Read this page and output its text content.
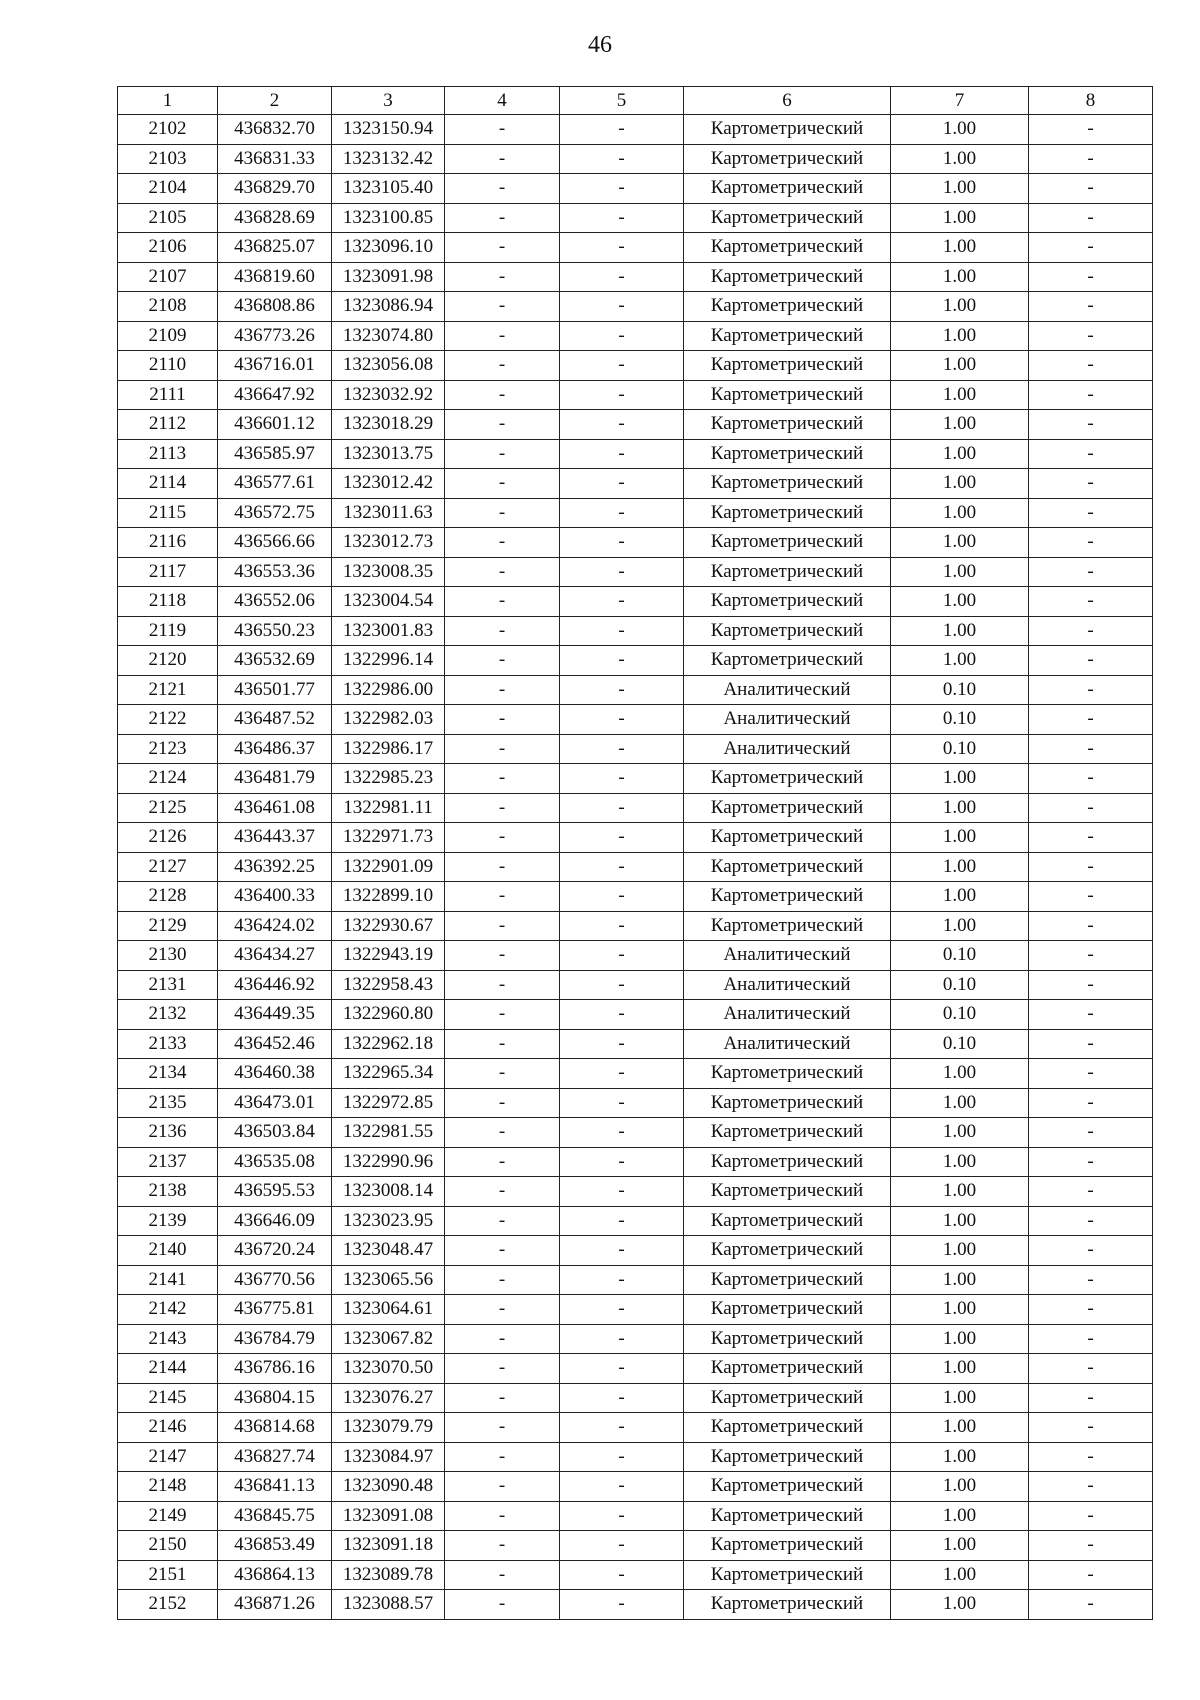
46
1	2	3	4	5	6	7	8
2102	436832.70	1323150.94	-	-	Картометрический	1.00	-
2103	436831.33	1323132.42	-	-	Картометрический	1.00	-
2104	436829.70	1323105.40	-	-	Картометрический	1.00	-
2105	436828.69	1323100.85	-	-	Картометрический	1.00	-
2106	436825.07	1323096.10	-	-	Картометрический	1.00	-
2107	436819.60	1323091.98	-	-	Картометрический	1.00	-
2108	436808.86	1323086.94	-	-	Картометрический	1.00	-
2109	436773.26	1323074.80	-	-	Картометрический	1.00	-
2110	436716.01	1323056.08	-	-	Картометрический	1.00	-
2111	436647.92	1323032.92	-	-	Картометрический	1.00	-
2112	436601.12	1323018.29	-	-	Картометрический	1.00	-
2113	436585.97	1323013.75	-	-	Картометрический	1.00	-
2114	436577.61	1323012.42	-	-	Картометрический	1.00	-
2115	436572.75	1323011.63	-	-	Картометрический	1.00	-
2116	436566.66	1323012.73	-	-	Картометрический	1.00	-
2117	436553.36	1323008.35	-	-	Картометрический	1.00	-
2118	436552.06	1323004.54	-	-	Картометрический	1.00	-
2119	436550.23	1323001.83	-	-	Картометрический	1.00	-
2120	436532.69	1322996.14	-	-	Картометрический	1.00	-
2121	436501.77	1322986.00	-	-	Аналитический	0.10	-
2122	436487.52	1322982.03	-	-	Аналитический	0.10	-
2123	436486.37	1322986.17	-	-	Аналитический	0.10	-
2124	436481.79	1322985.23	-	-	Картометрический	1.00	-
2125	436461.08	1322981.11	-	-	Картометрический	1.00	-
2126	436443.37	1322971.73	-	-	Картометрический	1.00	-
2127	436392.25	1322901.09	-	-	Картометрический	1.00	-
2128	436400.33	1322899.10	-	-	Картометрический	1.00	-
2129	436424.02	1322930.67	-	-	Картометрический	1.00	-
2130	436434.27	1322943.19	-	-	Аналитический	0.10	-
2131	436446.92	1322958.43	-	-	Аналитический	0.10	-
2132	436449.35	1322960.80	-	-	Аналитический	0.10	-
2133	436452.46	1322962.18	-	-	Аналитический	0.10	-
2134	436460.38	1322965.34	-	-	Картометрический	1.00	-
2135	436473.01	1322972.85	-	-	Картометрический	1.00	-
2136	436503.84	1322981.55	-	-	Картометрический	1.00	-
2137	436535.08	1322990.96	-	-	Картометрический	1.00	-
2138	436595.53	1323008.14	-	-	Картометрический	1.00	-
2139	436646.09	1323023.95	-	-	Картометрический	1.00	-
2140	436720.24	1323048.47	-	-	Картометрический	1.00	-
2141	436770.56	1323065.56	-	-	Картометрический	1.00	-
2142	436775.81	1323064.61	-	-	Картометрический	1.00	-
2143	436784.79	1323067.82	-	-	Картометрический	1.00	-
2144	436786.16	1323070.50	-	-	Картометрический	1.00	-
2145	436804.15	1323076.27	-	-	Картометрический	1.00	-
2146	436814.68	1323079.79	-	-	Картометрический	1.00	-
2147	436827.74	1323084.97	-	-	Картометрический	1.00	-
2148	436841.13	1323090.48	-	-	Картометрический	1.00	-
2149	436845.75	1323091.08	-	-	Картометрический	1.00	-
2150	436853.49	1323091.18	-	-	Картометрический	1.00	-
2151	436864.13	1323089.78	-	-	Картометрический	1.00	-
2152	436871.26	1323088.57	-	-	Картометрический	1.00	-
